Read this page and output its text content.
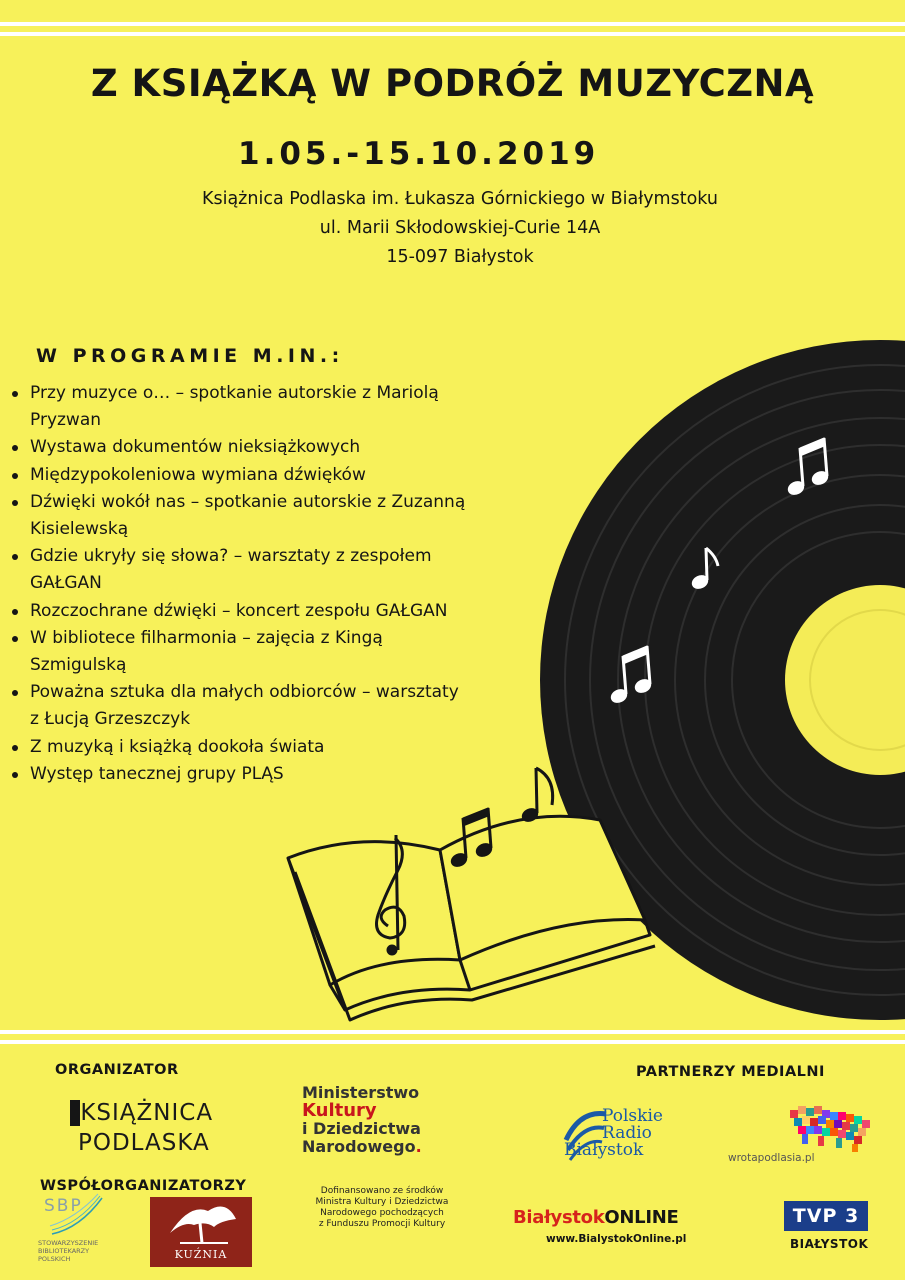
Z KSIĄŻKĄ W PODRÓŻ MUZYCZNĄ
1.05.-15.10.2019
Książnica Podlaska im. Łukasza Górnickiego w Białymstoku
ul. Marii Skłodowskiej-Curie 14A
15-097 Białystok
W PROGRAMIE M.IN.:
Przy muzyce o… – spotkanie autorskie z Mariolą
Pryzwan
Wystawa dokumentów nieksiążkowych
Międzypokoleniowa wymiana dźwięków
Dźwięki wokół nas – spotkanie autorskie z Zuzanną
Kisielewską
Gdzie ukryły się słowa? – warsztaty z zespołem
GAŁGAN
Rozczochrane dźwięki – koncert zespołu GAŁGAN
W bibliotece filharmonia – zajęcia z Kingą
Szmigulską
Poważna sztuka dla małych odbiorców – warsztaty
z Łucją Grzeszczyk
Z muzyką i książką dookoła świata
Występ tanecznej grupy PLĄS
ORGANIZATOR
WSPÓŁORGANIZATORZY
PARTNERZY MEDIALNI
KSIĄŻNICA
PODLASKA
Ministerstwo
Kultury
i Dziedzictwa
Narodowego.
Dofinansowano ze środków
Ministra Kultury i Dziedzictwa
Narodowego pochodzących
z Funduszu Promocji Kultury
SBP
STOWARZYSZENIE
BIBLIOTEKARZY
POLSKICH	KUŹNIA
Polskie
Radio
Białystok	wrotapodlasia.pl
BiałystokONLINE
www.BialystokOnline.pl
TVP 3
BIAŁYSTOK
